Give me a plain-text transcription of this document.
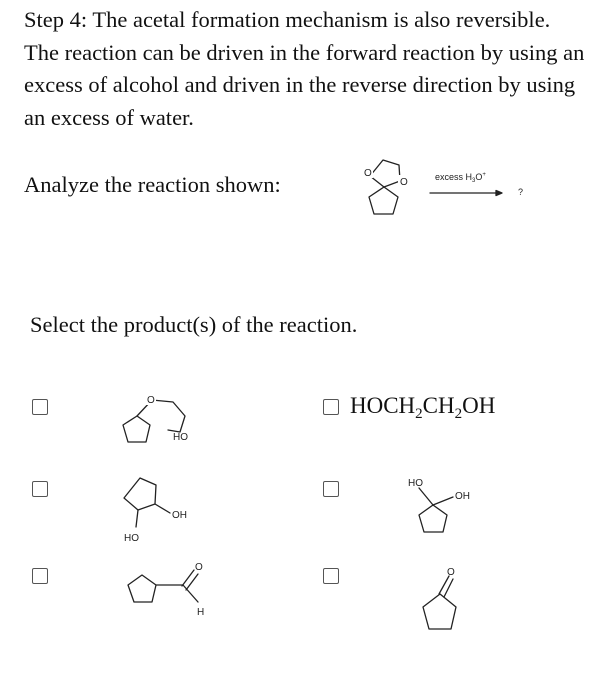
Step 4: The acetal formation mechanism is also reversible. The reaction can be driven in the forward reaction by using an excess of alcohol and driven in the reverse direction by using an excess of water.

Analyze the reaction shown:	O
O	excess $H_3O^+$
?

Select the product(s) of the reaction.

O
HO
$HOCH_2CH_2OH$
OH
HO
HO
OH
O
H
O
